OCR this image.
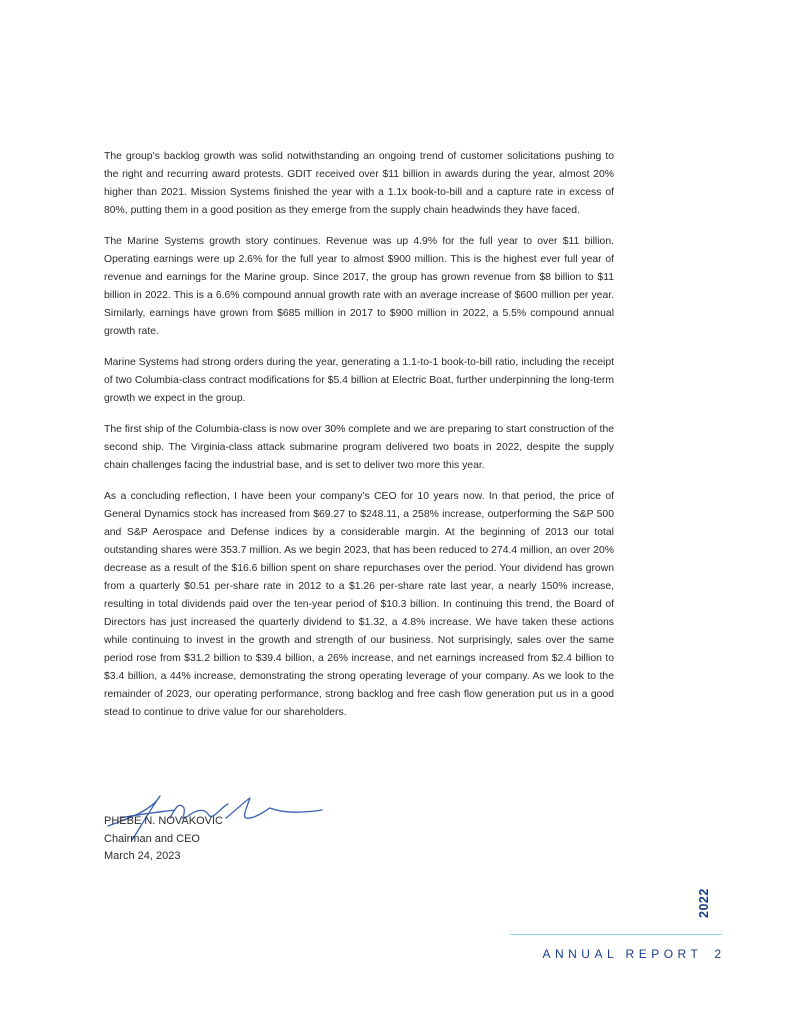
The group’s backlog growth was solid notwithstanding an ongoing trend of customer solicitations pushing to the right and recurring award protests. GDIT received over $11 billion in awards during the year, almost 20% higher than 2021. Mission Systems finished the year with a 1.1x book-to-bill and a capture rate in excess of 80%, putting them in a good position as they emerge from the supply chain headwinds they have faced.

The Marine Systems growth story continues. Revenue was up 4.9% for the full year to over $11 billion. Operating earnings were up 2.6% for the full year to almost $900 million. This is the highest ever full year of revenue and earnings for the Marine group. Since 2017, the group has grown revenue from $8 billion to $11 billion in 2022. This is a 6.6% compound annual growth rate with an average increase of $600 million per year. Similarly, earnings have grown from $685 million in 2017 to $900 million in 2022, a 5.5% compound annual growth rate.

Marine Systems had strong orders during the year, generating a 1.1-to-1 book-to-bill ratio, including the receipt of two Columbia-class contract modifications for $5.4 billion at Electric Boat, further underpinning the long-term growth we expect in the group.

The first ship of the Columbia-class is now over 30% complete and we are preparing to start construction of the second ship. The Virginia-class attack submarine program delivered two boats in 2022, despite the supply chain challenges facing the industrial base, and is set to deliver two more this year.

As a concluding reflection, I have been your company’s CEO for 10 years now. In that period, the price of General Dynamics stock has increased from $69.27 to $248.11, a 258% increase, outperforming the S&P 500 and S&P Aerospace and Defense indices by a considerable margin. At the beginning of 2013 our total outstanding shares were 353.7 million. As we begin 2023, that has been reduced to 274.4 million, an over 20% decrease as a result of the $16.6 billion spent on share repurchases over the period. Your dividend has grown from a quarterly $0.51 per-share rate in 2012 to a $1.26 per-share rate last year, a nearly 150% increase, resulting in total dividends paid over the ten-year period of $10.3 billion. In continuing this trend, the Board of Directors has just increased the quarterly dividend to $1.32, a 4.8% increase. We have taken these actions while continuing to invest in the growth and strength of our business. Not surprisingly, sales over the same period rose from $31.2 billion to $39.4 billion, a 26% increase, and net earnings increased from $2.4 billion to $3.4 billion, a 44% increase, demonstrating the strong operating leverage of your company. As we look to the remainder of 2023, our operating performance, strong backlog and free cash flow generation put us in a good stead to continue to drive value for our shareholders.

PHEBE N. NOVAKOVIC
Chairman and CEO
March 24, 2023
2022
ANNUAL REPORT 2
